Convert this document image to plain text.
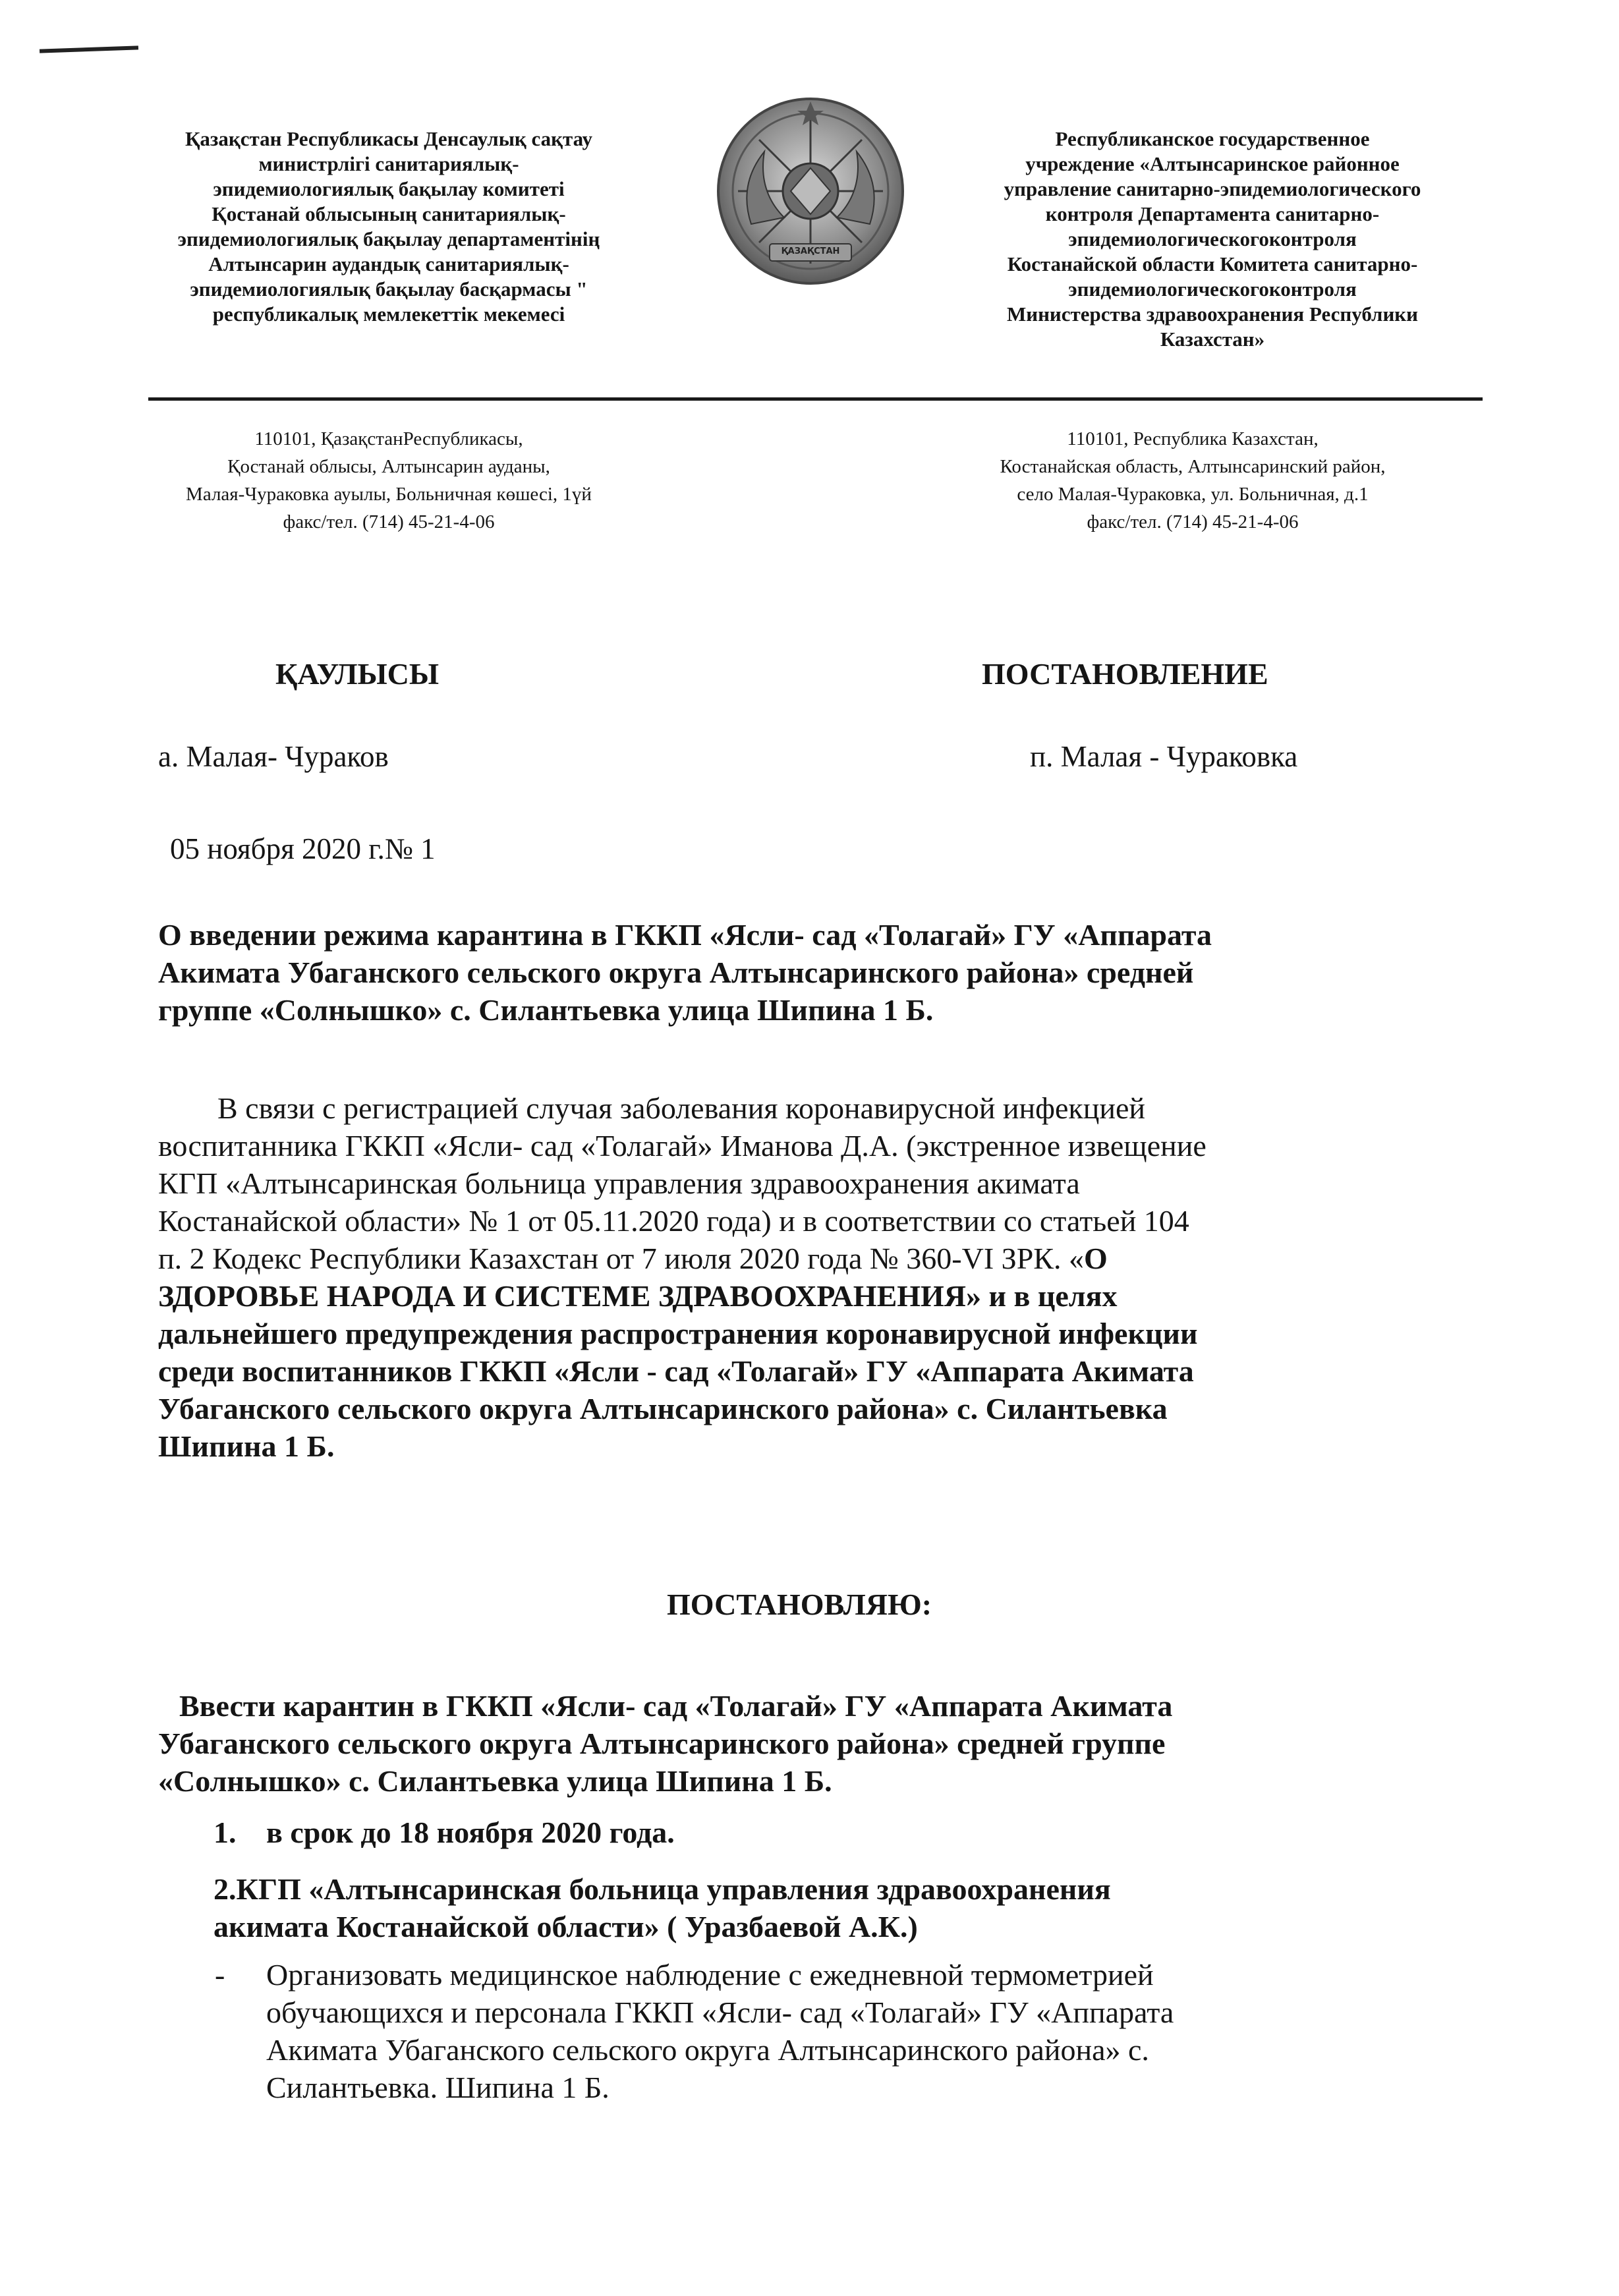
Қазақстан Республикасы Денсаулық сақтау
министрлігі санитариялық-
эпидемиологиялық бақылау комитеті
Қостанай облысының санитариялық-
эпидемиологиялық бақылау департаментінің
Алтынсарин аудандық санитариялық-
эпидемиологиялық бақылау басқармасы "
республикалық мемлекеттік мекемесі
ҚАЗАҚСТАН
Республиканское государственное
учреждение «Алтынсаринское районное
управление санитарно-эпидемиологического
контроля Департамента санитарно-
эпидемиологическогоконтроля
Костанайской области Комитета санитарно-
эпидемиологическогоконтроля
Министерства здравоохранения Республики
Казахстан»
110101, ҚазақстанРеспубликасы,
Қостанай облысы, Алтынсарин ауданы,
Малая-Чураковка ауылы, Больничная көшесі, 1үй
факс/тел. (714) 45-21-4-06
110101, Республика Казахстан,
Костанайская область, Алтынсаринский район,
село Малая-Чураковка, ул. Больничная, д.1
факс/тел. (714) 45-21-4-06
ҚАУЛЫСЫ	ПОСТАНОВЛЕНИЕ
а. Малая- Чураков	п. Малая - Чураковка
05 ноября 2020 г.№ 1
О введении режима карантина в ГККП «Ясли- сад «Толагай» ГУ «Аппарата
Акимата Убаганского сельского округа Алтынсаринского района» средней
группе «Солнышко» с. Силантьевка улица Шипина 1 Б.
В связи с регистрацией случая заболевания коронавирусной инфекцией
воспитанника ГККП «Ясли- сад «Толагай» Иманова Д.А. (экстренное извещение
КГП «Алтынсаринская больница управления здравоохранения акимата
Костанайской области» № 1 от 05.11.2020 года) и в соответствии со статьей 104
п. 2 Кодекс Республики Казахстан от 7 июля 2020 года № 360-VI ЗРК. «О
ЗДОРОВЬЕ НАРОДА И СИСТЕМЕ ЗДРАВООХРАНЕНИЯ» и в целях
дальнейшего предупреждения распространения коронавирусной инфекции
среди воспитанников ГККП «Ясли - сад «Толагай» ГУ «Аппарата Акимата
Убаганского сельского округа Алтынсаринского района» с. Силантьевка
Шипина 1 Б.
ПОСТАНОВЛЯЮ:
Ввести карантин в ГККП «Ясли- сад «Толагай» ГУ «Аппарата Акимата
Убаганского сельского округа Алтынсаринского района» средней группе
«Солнышко» с. Силантьевка улица Шипина 1 Б.
1. в срок до 18 ноября 2020 года.
2.КГП «Алтынсаринская больница управления здравоохранения
акимата Костанайской области» ( Уразбаевой А.К.)
- Организовать медицинское наблюдение с ежедневной термометрией
обучающихся и персонала ГККП «Ясли- сад «Толагай» ГУ «Аппарата
Акимата Убаганского сельского округа Алтынсаринского района» с.
Силантьевка. Шипина 1 Б.
